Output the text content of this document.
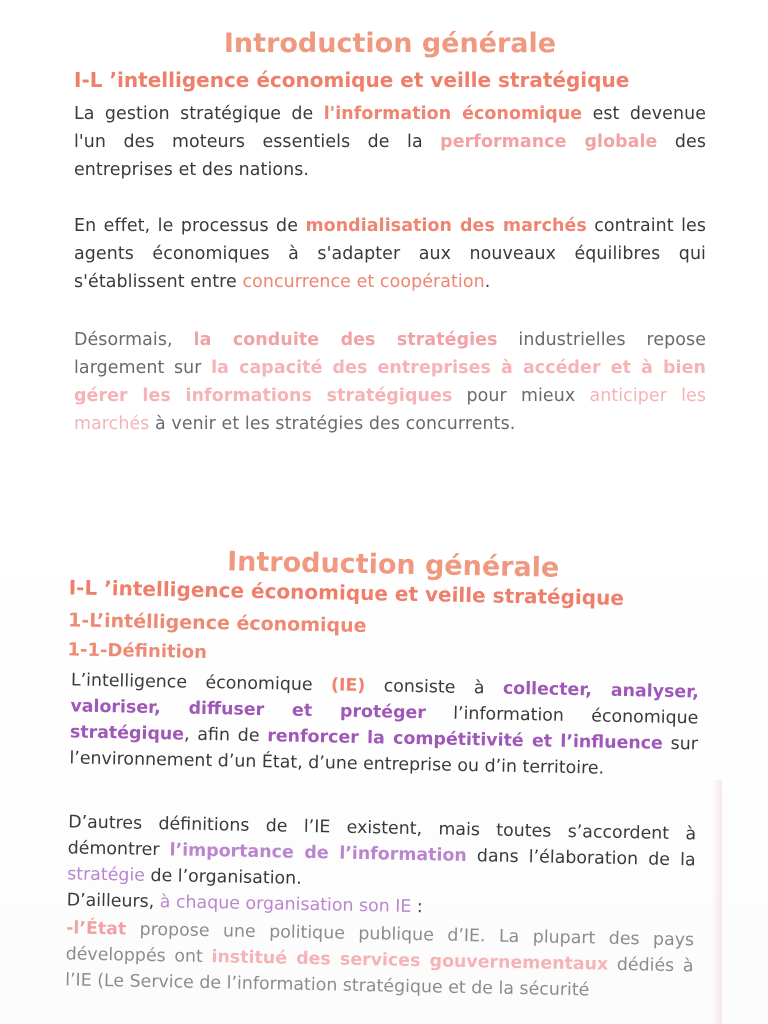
Introduction générale
I-L ’intelligence économique et veille stratégique
La gestion stratégique de l'information économique est devenue l'un des moteurs essentiels de la performance globale des entreprises et des nations.
En effet, le processus de mondialisation des marchés contraint les agents économiques à s'adapter aux nouveaux équilibres qui s'établissent entre concurrence et coopération.
Désormais, la conduite des stratégies industrielles repose largement sur la capacité des entreprises à accéder et à bien gérer les informations stratégiques pour mieux anticiper les marchés à venir et les stratégies des concurrents.
Introduction générale
I-L ’intelligence économique et veille stratégique
1-L’intélligence économique
1-1-Définition
L’intelligence économique (IE) consiste à collecter, analyser, valoriser, diffuser et protéger l’information économique stratégique, afin de renforcer la compétitivité et l’influence sur l’environnement d’un État, d’une entreprise ou d’in territoire.
D’autres définitions de l’IE existent, mais toutes s’accordent à démontrer l’importance de l’information dans l’élaboration de la stratégie de l’organisation.
D’ailleurs, à chaque organisation son IE :
-l’État propose une politique publique d’IE. La plupart des pays développés ont institué des services gouvernementaux dédiés à l’IE (Le Service de l’information stratégique et de la sécurité
